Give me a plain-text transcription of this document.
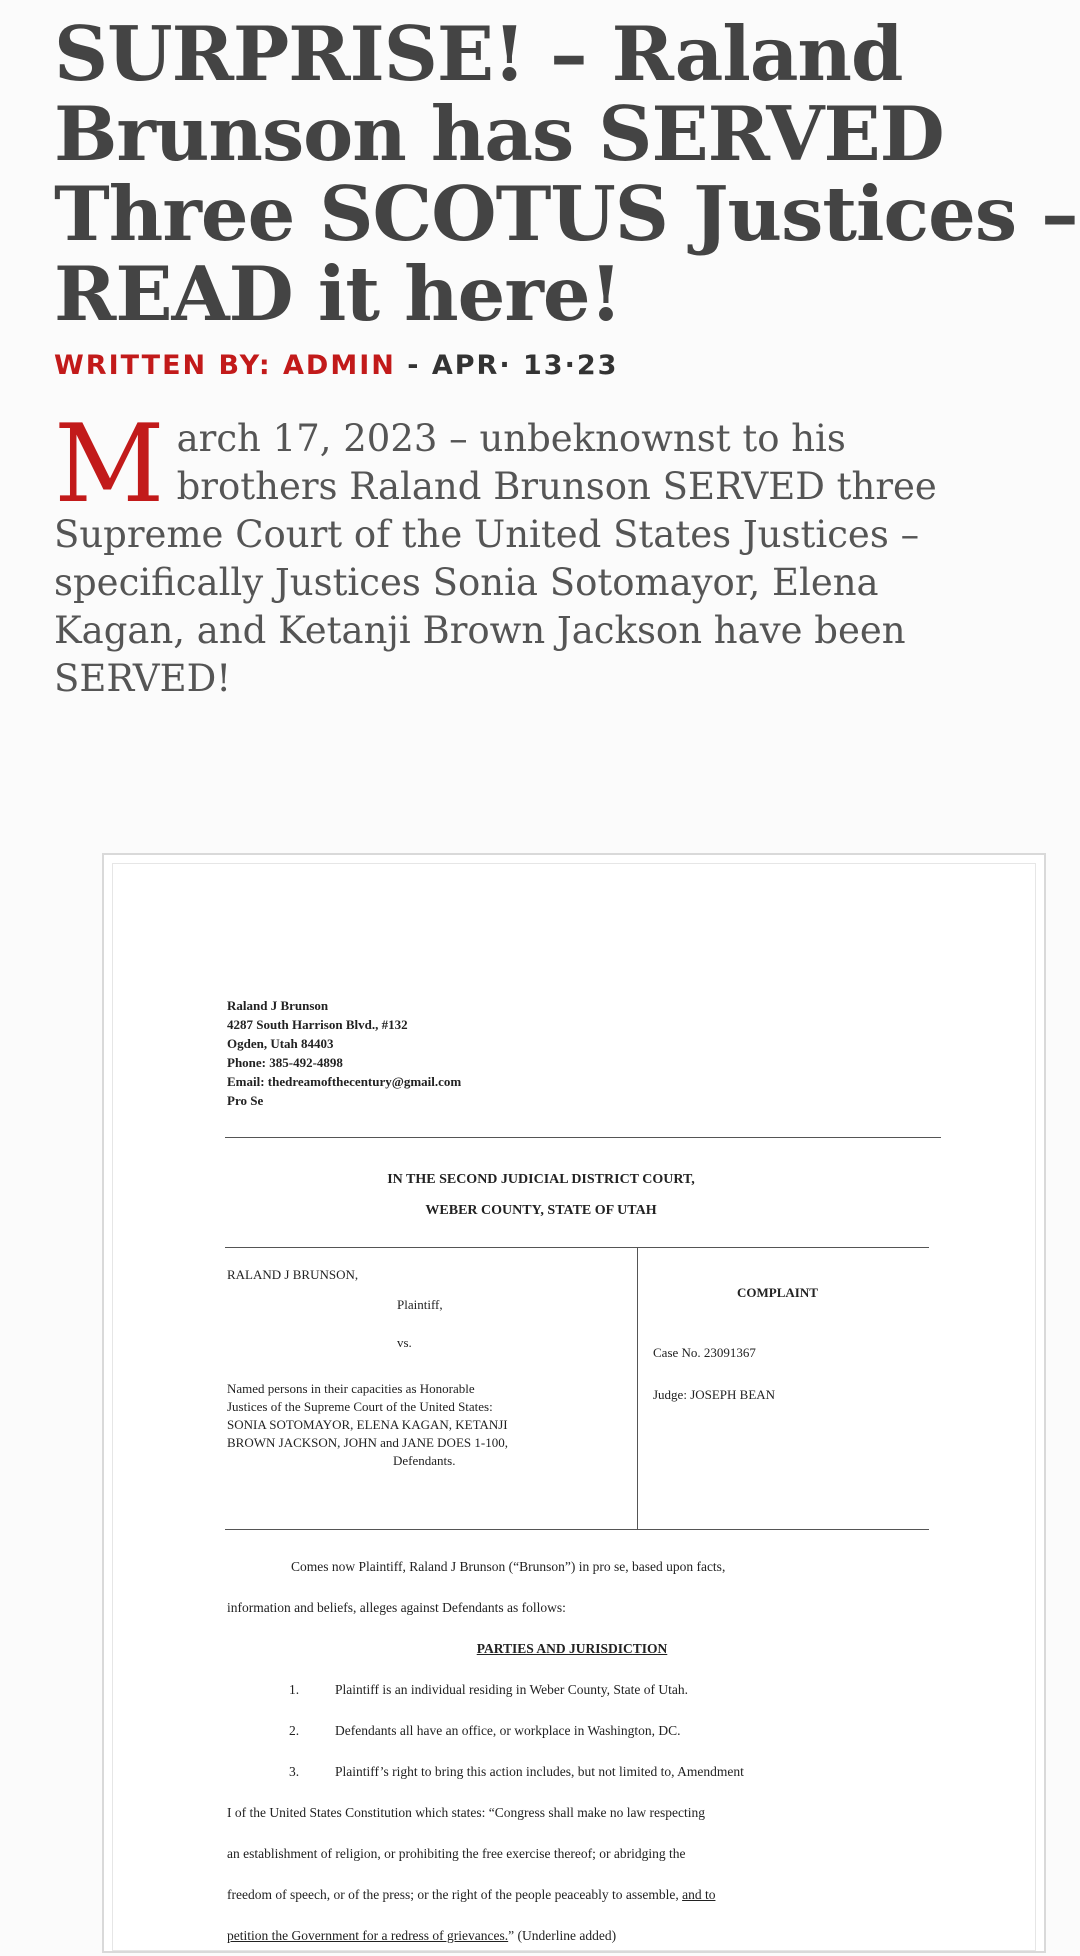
SURPRISE! – Raland
Brunson has SERVED
Three SCOTUS Justices –
READ it here!
WRITTEN BY: ADMIN - APR· 13·23
M arch 17, 2023 – unbeknownst to his
brothers Raland Brunson SERVED three
Supreme Court of the United States Justices –
specifically Justices Sonia Sotomayor, Elena
Kagan, and Ketanji Brown Jackson have been
SERVED!
Raland J Brunson
4287 South Harrison Blvd., #132
Ogden, Utah 84403
Phone: 385-492-4898
Email: thedreamofthecentury@gmail.com
Pro Se
IN THE SECOND JUDICIAL DISTRICT COURT,
WEBER COUNTY, STATE OF UTAH
RALAND J BRUNSON,
Plaintiff,
vs.
Named persons in their capacities as Honorable
Justices of the Supreme Court of the United States:
SONIA SOTOMAYOR, ELENA KAGAN, KETANJI
BROWN JACKSON, JOHN and JANE DOES 1-100,
Defendants.
COMPLAINT
Case No. 23091367
Judge: JOSEPH BEAN
Comes now Plaintiff, Raland J Brunson (“Brunson”) in pro se, based upon facts,
information and beliefs, alleges against Defendants as follows:
PARTIES AND JURISDICTION
1.	Plaintiff is an individual residing in Weber County, State of Utah.
2.	Defendants all have an office, or workplace in Washington, DC.
3.	Plaintiff’s right to bring this action includes, but not limited to, Amendment
I of the United States Constitution which states: “Congress shall make no law respecting
an establishment of religion, or prohibiting the free exercise thereof; or abridging the
freedom of speech, or of the press; or the right of the people peaceably to assemble, and to
petition the Government for a redress of grievances.” (Underline added)
